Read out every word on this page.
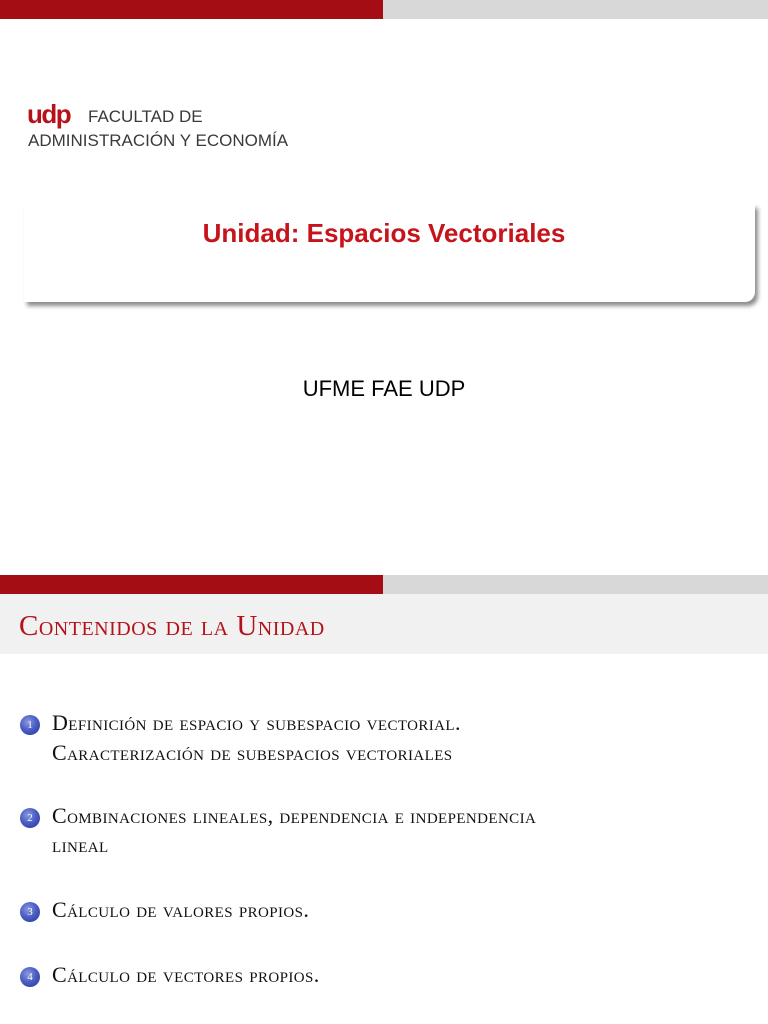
udp FACULTAD DE
ADMINISTRACIÓN Y ECONOMÍA
Unidad: Espacios Vectoriales
UFME FAE UDP
Contenidos de la Unidad
1 Definición de espacio y subespacio vectorial.
Caracterización de subespacios vectoriales
2 Combinaciones lineales, dependencia e independencia
lineal
3 Cálculo de valores propios.
4 Cálculo de vectores propios.
